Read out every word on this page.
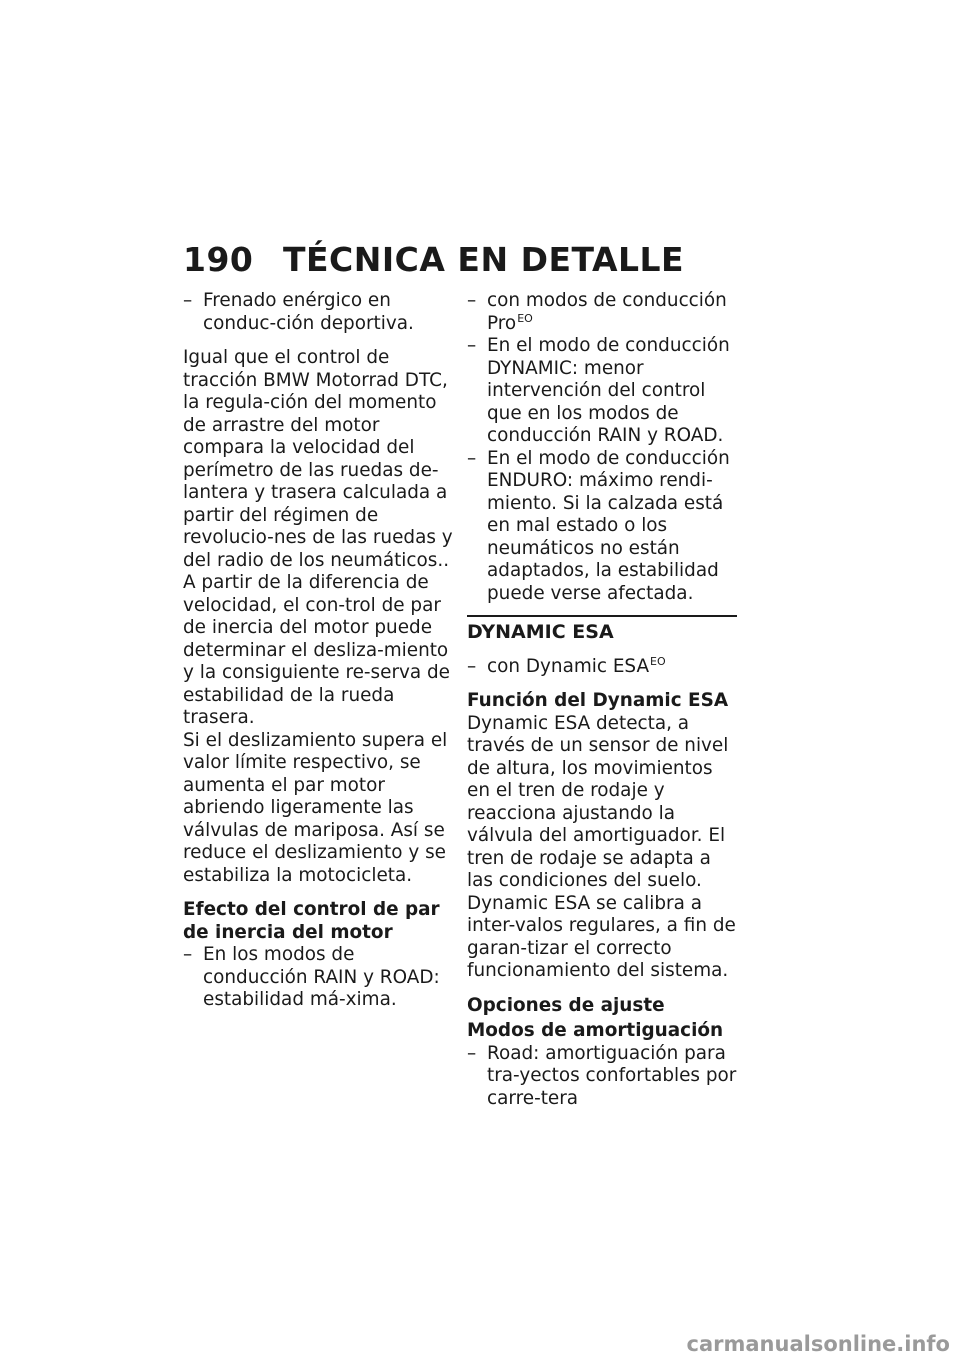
190 TÉCNICA EN DETALLE
– Frenado enérgico en conduc-ción deportiva.

Igual que el control de tracción BMW Motorrad DTC, la regula-ción del momento de arrastre del motor compara la velocidad del perímetro de las ruedas de-lantera y trasera calculada a partir del régimen de revolucio-nes de las ruedas y del radio de los neumáticos.. A partir de la diferencia de velocidad, el con-trol de par de inercia del motor puede determinar el desliza-miento y la consiguiente re-serva de estabilidad de la rueda trasera.

Si el deslizamiento supera el valor límite respectivo, se aumenta el par motor abriendo ligeramente las válvulas de mariposa. Así se reduce el deslizamiento y se estabiliza la motocicleta.

Efecto del control de par de inercia del motor

– En los modos de conducción RAIN y ROAD: estabilidad má-xima.
– con modos de conducción Pro$^{EO}$
– En el modo de conducción DYNAMIC: menor intervención del control que en los modos de conducción RAIN y ROAD.
– En el modo de conducción ENDURO: máximo rendi-miento. Si la calzada está en mal estado o los neumáticos no están adaptados, la estabilidad puede verse afectada.
DYNAMIC ESA
– con Dynamic $ESA^{EO}$

Función del Dynamic ESA

Dynamic ESA detecta, a través de un sensor de nivel de altura, los movimientos en el tren de rodaje y reacciona ajustando la válvula del amortiguador. El tren de rodaje se adapta a las condiciones del suelo.

Dynamic ESA se calibra a inter-valos regulares, a fin de garan-tizar el correcto funcionamiento del sistema.

Opciones de ajuste

Modos de amortiguación

– Road: amortiguación para tra-yectos confortables por carre-tera
carmanualsonline.info
